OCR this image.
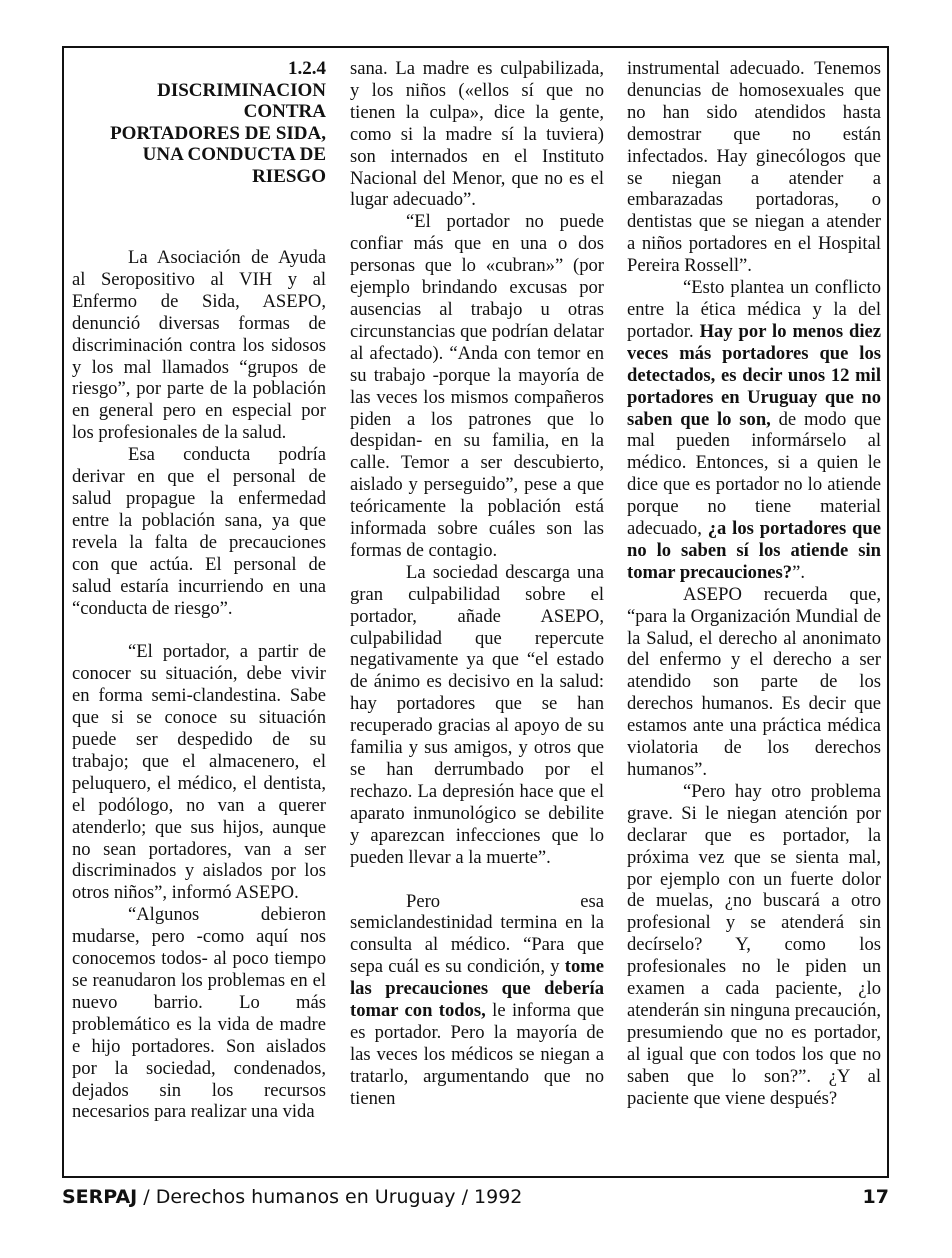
1.2.4
DISCRIMINACION
CONTRA
PORTADORES DE SIDA,
UNA CONDUCTA DE
RIESGO

La Asociación de Ayuda al Seropositivo al VIH y al Enfermo de Sida, ASEPO, denunció diversas formas de discriminación contra los sidosos y los mal llamados “grupos de riesgo”, por parte de la población en general pero en especial por los profesionales de la salud.

Esa conducta podría derivar en que el personal de salud propague la enfermedad entre la población sana, ya que revela la falta de precauciones con que actúa. El personal de salud estaría incurriendo en una “conducta de riesgo”.

“El portador, a partir de conocer su situación, debe vivir en forma semi-clandestina. Sabe que si se conoce su situación puede ser despedido de su trabajo; que el almacenero, el peluquero, el médico, el dentista, el podólogo, no van a querer atenderlo; que sus hijos, aunque no sean portadores, van a ser discriminados y aislados por los otros niños”, informó ASEPO.

“Algunos debieron mudarse, pero -como aquí nos conocemos todos- al poco tiempo se reanudaron los problemas en el nuevo barrio. Lo más problemático es la vida de madre e hijo portadores. Son aislados por la sociedad, condenados, dejados sin los recursos necesarios para realizar una vida

sana. La madre es culpabilizada, y los niños («ellos sí que no tienen la culpa», dice la gente, como si la madre sí la tuviera) son internados en el Instituto Nacional del Menor, que no es el lugar adecuado”.

“El portador no puede confiar más que en una o dos personas que lo «cubran»” (por ejemplo brindando excusas por ausencias al trabajo u otras circunstancias que podrían delatar al afectado). “Anda con temor en su trabajo -porque la mayoría de las veces los mismos compañeros piden a los patrones que lo despidan- en su familia, en la calle. Temor a ser descubierto, aislado y perseguido”, pese a que teóricamente la población está informada sobre cuáles son las formas de contagio.

La sociedad descarga una gran culpabilidad sobre el portador, añade ASEPO, culpabilidad que repercute negativamente ya que “el estado de ánimo es decisivo en la salud: hay portadores que se han recuperado gracias al apoyo de su familia y sus amigos, y otros que se han derrumbado por el rechazo. La depresión hace que el aparato inmunológico se debilite y aparezcan infecciones que lo pueden llevar a la muerte”.

Pero esa semiclandestinidad termina en la consulta al médico. “Para que sepa cuál es su condición, y tome las precauciones que debería tomar con todos, le informa que es portador. Pero la mayoría de las veces los médicos se niegan a tratarlo, argumentando que no tienen

instrumental adecuado. Tenemos denuncias de homosexuales que no han sido atendidos hasta demostrar que no están infectados. Hay ginecólogos que se niegan a atender a embarazadas portadoras, o dentistas que se niegan a atender a niños portadores en el Hospital Pereira Rossell”.

“Esto plantea un conflicto entre la ética médica y la del portador. Hay por lo menos diez veces más portadores que los detectados, es decir unos 12 mil portadores en Uruguay que no saben que lo son, de modo que mal pueden informárselo al médico. Entonces, si a quien le dice que es portador no lo atiende porque no tiene material adecuado, ¿a los portadores que no lo saben sí los atiende sin tomar precauciones?”.

ASEPO recuerda que, “para la Organización Mundial de la Salud, el derecho al anonimato del enfermo y el derecho a ser atendido son parte de los derechos humanos. Es decir que estamos ante una práctica médica violatoria de los derechos humanos”.

“Pero hay otro problema grave. Si le niegan atención por declarar que es portador, la próxima vez que se sienta mal, por ejemplo con un fuerte dolor de muelas, ¿no buscará a otro profesional y se atenderá sin decírselo? Y, como los profesionales no le piden un examen a cada paciente, ¿lo atenderán sin ninguna precaución, presumiendo que no es portador, al igual que con todos los que no saben que lo son?”. ¿Y al paciente que viene después?

SERPAJ / Derechos humanos en Uruguay / 1992	17
